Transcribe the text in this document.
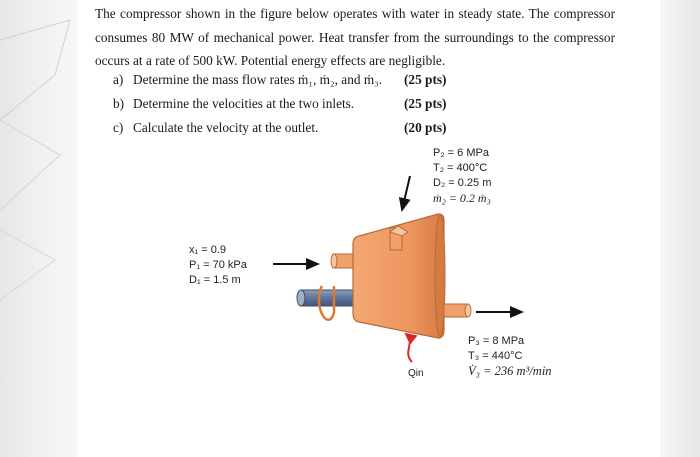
The compressor shown in the figure below operates with water in steady state. The compressor consumes 80 MW of mechanical power. Heat transfer from the surroundings to the compressor occurs at a rate of 500 kW. Potential energy effects are negligible.
a) Determine the mass flow rates ṁ₁, ṁ₂, and ṁ₃. (25 pts)
b) Determine the velocities at the two inlets.	(25 pts)
c) Calculate the velocity at the outlet.	(20 pts)
x₁ = 0.9
P₁ = 70 kPa
D₁ = 1.5 m
P₂ = 6 MPa
T₂ = 400°C
D₂ = 0.25 m
ṁ₂ = 0.2 ṁ₃
P₃ = 8 MPa
T₃ = 440°C
V̇₃ = 236 m³/min
Qin
